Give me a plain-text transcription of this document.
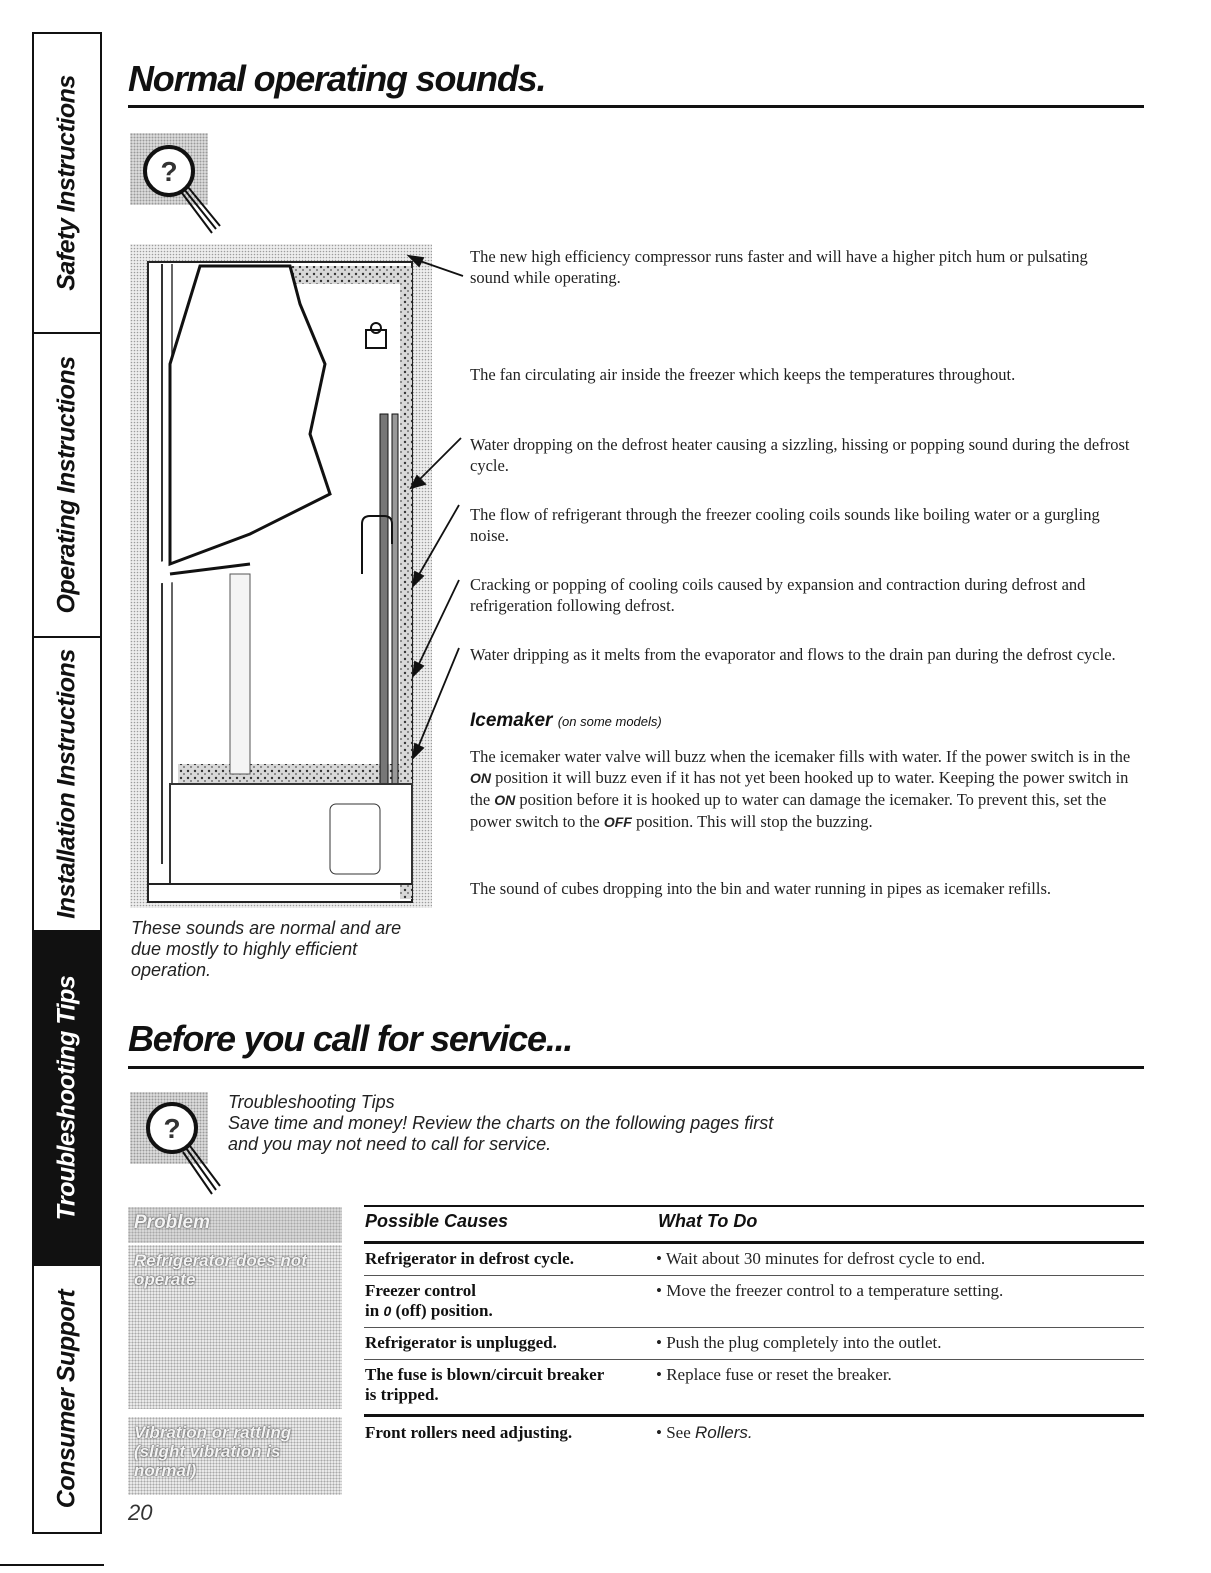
Safety Instructions
Operating Instructions
Installation Instructions
Troubleshooting Tips
Consumer Support
Normal operating sounds.
?

The new high efficiency compressor runs faster and will have a higher pitch hum or pulsating sound while operating.

The fan circulating air inside the freezer which keeps the temperatures throughout.

Water dropping on the defrost heater causing a sizzling, hissing or popping sound during the defrost cycle.

The flow of refrigerant through the freezer cooling coils sounds like boiling water or a gurgling noise.

Cracking or popping of cooling coils caused by expansion and contraction during defrost and refrigeration following defrost.

Water dripping as it melts from the evaporator and flows to the drain pan during the defrost cycle.

Icemaker (on some models)

The icemaker water valve will buzz when the icemaker fills with water. If the power switch is in the ON position it will buzz even if it has not yet been hooked up to water. Keeping the power switch in the ON position before it is hooked up to water can damage the icemaker. To prevent this, set the power switch to the OFF position. This will stop the buzzing.

The sound of cubes dropping into the bin and water running in pipes as icemaker refills.

These sounds are normal and are due mostly to highly efficient operation.
Before you call for service...
?
Troubleshooting Tips
Save time and money! Review the charts on the following pages first and you may not need to call for service.
Problem	Possible Causes	What To Do
Refrigerator does not operate
Refrigerator in defrost cycle.	• Wait about 30 minutes for defrost cycle to end.
Freezer control
in 0 (off) position.
• Move the freezer control to a temperature setting.
Refrigerator is unplugged.	• Push the plug completely into the outlet.
The fuse is blown/circuit breaker is tripped.
• Replace fuse or reset the breaker.
Vibration or rattling (slight vibration is normal)
Front rollers need adjusting.	• See Rollers.
20
